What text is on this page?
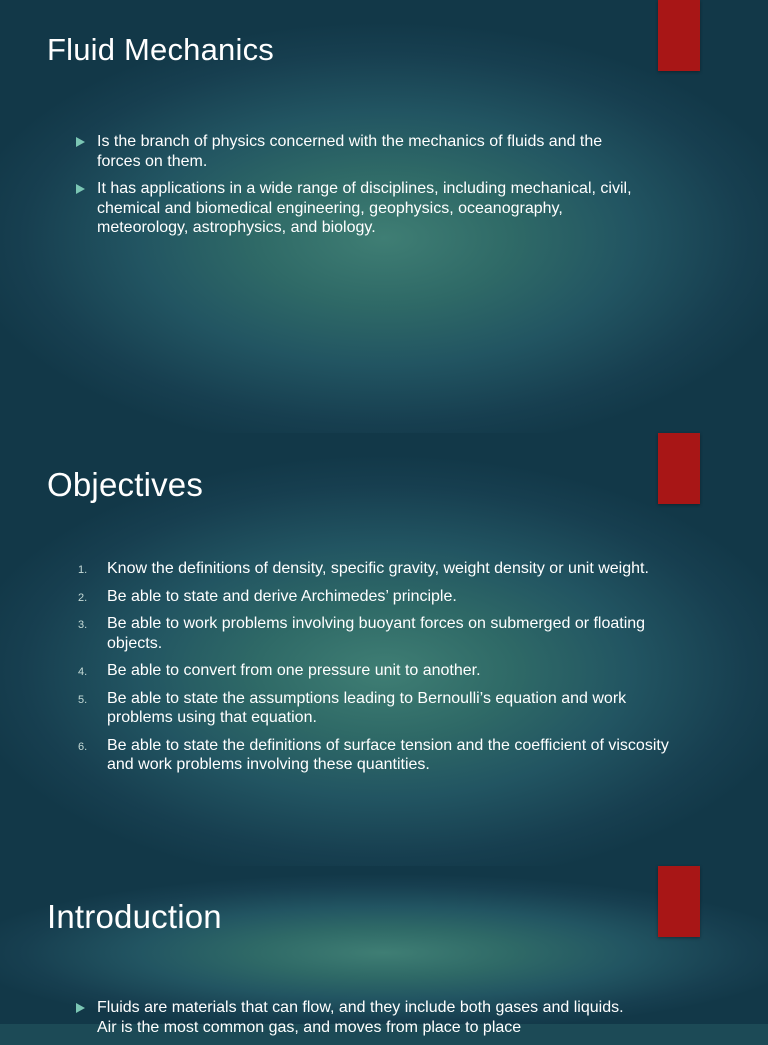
Fluid Mechanics
Is the branch of physics concerned with the mechanics of fluids and the forces on them.
It has applications in a wide range of disciplines, including mechanical, civil, chemical and biomedical engineering, geophysics, oceanography, meteorology, astrophysics, and biology.
Objectives
1. Know the definitions of density, specific gravity, weight density or unit weight.
2. Be able to state and derive Archimedes’ principle.
3. Be able to work problems involving buoyant forces on submerged or floating objects.
4. Be able to convert from one pressure unit to another.
5. Be able to state the assumptions leading to Bernoulli’s equation and work problems using that equation.
6. Be able to state the definitions of surface tension and the coefficient of viscosity and work problems involving these quantities.
Introduction
Fluids are materials that can flow, and they include both gases and liquids. Air is the most common gas, and moves from place to place
